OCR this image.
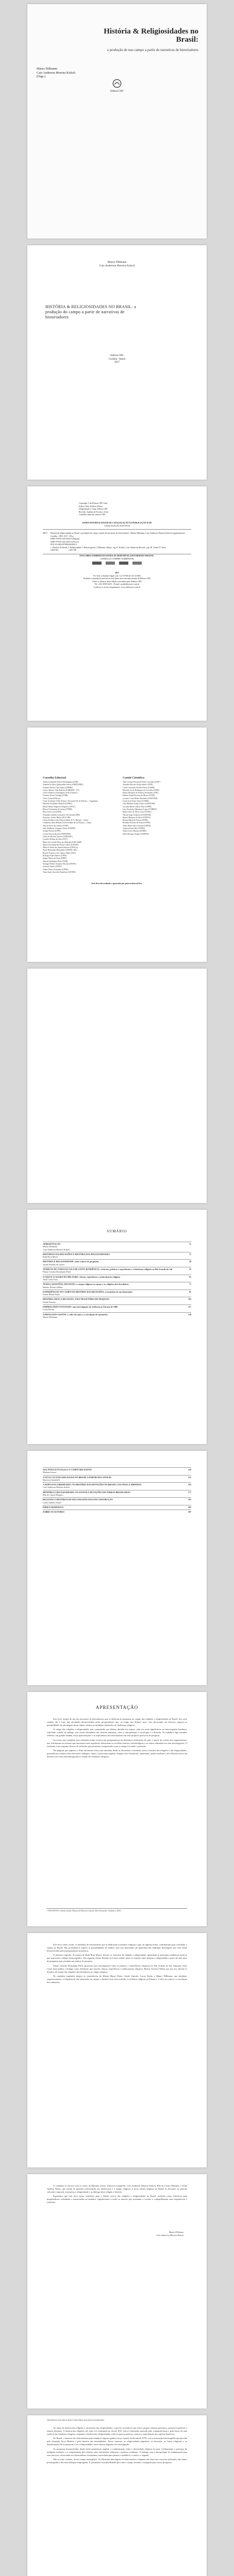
História & Religiosidades no Brasil:
a produção de nao campo a partir de narrativas de historiadores
Mauro Dillmann
Caio Anderson Moreira Kulsch
(Orgs.)
Editora CRV
Mauro Dillmann
Caio Anderson Moreira Kulsch
HISTÓRIA & RELIGIOSIDADES NO BRASIL: a produção do campo a partir de narrativas de historiadores
Editora CRV
Curitiba - Brasil
2017
Copyright © da Editora CRV Ltda.
Editor-chefe: Railson Moura
Diagramação e Capa: Editora CRV
Revisão: Analista de Escrita e Artes
Conselho editorial: editora CRV
DADOS INTERNACIONAIS DE CATALOGAÇÃO NA PUBLICAÇÃO (CIP)
CATALOGAÇÃO NA FONTE
H673 História & religiosidades no Brasil: a produção do campo a partir de narrativas de historiadores / Mauro Dillmann, Caio Anderson Moreira Kulsch (organizadores) – Curitiba : CRV, 2017. 136 p.
ISBN 978-85-444-2043-0 (Digital)
ISBN 978-85-444-2042-3 (Físico)
DOI 10.24824/978854442042.3
1. História do Brasil 2. Religiosidade 3. Historiografia I. Dillmann, Mauro. org. II. Kulsch, Caio Anderson Moreira. org. III. Título IV. Série
CDD 981	CDU 981
ESTA OBRA TAMBÉM ENCONTRA-SE DISPONÍVEL EM FORMATO DIGITAL.
CONHEÇA E COMPRE TAMBÉM EM:
2017
Foi feito o depósito legal conf. Lei 10.994 de 14/12/2004
Proibida a reprodução parcial ou total desta obra sem autorização da Editora CRV
Todos os direitos desta edição reservados pela: Editora CRV
Tel.: (41) 3039-6418 – E-mail: sac@editoracrv.com.br
Conheça os nossos lançamentos: www.editoracrv.com.br
Conselho Editorial:	Comitê Científico:
Aldira Guimarães Duarte Domínguez (UNB)
Andréia da Silva Quintanilha Sousa (UNIR/UFRN)
Antônio Pereira Gaio Júnior (UFRRJ)
Carlos Alberto Vilar Estêvão (UMINHO – PT)
Carlos Federico Dominguez Avila (Unieuro)
Carmen Tereza Velanga (UNIR)
Celso Conti (UFSCar)
Cesar Gerónimo Tello (Univer. Nacional Três de Febrero – Argentina)
Eduardo Fernandes Barbosa (UFMG)
Elione Maria Nogueira Diogenes (UFAL)
Elizeu Clementino de Souza (UNEB)
Élsio José Corá (UFFS)
Fernando Antônio Gonçalves Alcoforado (IPB)
Francisco Carlos Duarte (PUC-PR)
Gloria Fariñas León (Universidade de La Havana – Cuba)
Guillermo Arias Beatón (Universidade de La Havana – Cuba)
Jailson Alves dos Santos (UFRJ)
João Adalberto Campato Junior (UNESP)
Josania Portela (UFPI)
Leonel Severo Rocha (UNISINOS)
Lídia de Oliveira Xavier (UNIEURO)
Lourdes Helena da Silva (UFV)
Maria de Lourdes Pinto de Almeida (UNICAMP)
Maria Lília Imbiriba Sousa Colares (UFOPA)
Maria Cristina dos Santos Bezerra (UFSCar)
Paulo Romualdo Hernandes (UNIFAL-MG)
Renato Francisco dos Santos Paula (UFG)
Rodrigo Pratte-Santos (UFES)
Sérgio Nunes de Jesus (IFRO)
Simone Rodrigues Pinto (UNB)
Solange Helena Ximenes-Rocha (UFOPA)
Sydione Santos (UEPG)
Tadeu Oliver Gonçalves (UFPA)
Tania Suely Azevedo Brasileiro (UFOPA)
Ana Cristina Teixeira de Brito Carvalho (UFJF)
Arnaldo Oliveira Souza Júnior (UFPI)
Carla Conceição da Silva Paiva (UNEB)
Eduardo Lucio Rodrigues de Carvalho (UFRJ)
Eliane Marquez da Fonseca Fernandes (UFG)
Helena Alaide Ferreira de Moura (UNIP)
Leosino Costa Matos Machado (UNINTER)
Josias José Freire Júnior (UNEB)
Lilia Mendes Araújo Lemos (UNINTER)
Luciana Maria Libório Eloy (UFPB)
Luis Fernando Nakamura Lopes (UNIRIO)
Maria Clara da Silva Costa (UFMG)
Nelson Jorge Schiavon (UNINTER)
Rafael Marques da Silva (UNIFAL)
Renata Maria de Freitas (UFRJ)
Rosânea Ferreira de Souza (UFPE)
Tânia Maria Silva Amorim (UFRN)
Vanessa Paula Reis (UFRN)
Walter Lúcio Batista (UFRRJ)
Zélia Marques Araújo (UNIFRA)
Este livro foi avaliado e aprovado por pareceristas ad hoc.
SUMÁRIO
APRESENTAÇÃO
Mauro Dillmann
Caio Anderson Moreira Kulsch
11
HISTÓRIAS DAS RELIGIÕES E HISTÓRIA DAS RELIGIOSIDADES
Ruth Rosa Meyer
17
HISTÓRIA E RELIGIOSIDADE: uma crônica de perguntas
Jayme Hoehne de Lemos
29
TEMPLOS DE TODOS DA VILA DE SANTA RONDÊNCIA: vivências, práticas e experiências e o fenômeno religioso no Rio Grande do Sul
Eliane Cristina Deckmann Fleck
45
O AQUI E O AGORA DO MILAGRE: ciência, experiência e conhecimento religioso
Artur Cesar Isaia
61
TEMAS, QUESTÕES, DESAFIOS: o campo religioso no espaço e as religiões afro-brasileiras
Beatriz Teixeira Weber
77
EXPERIÊNCIAS NO CAMPO DA HISTÓRIA DAS RELIGIÕES: a trajetória de um historiador
Eliane Muniz Diniz
91
HISTÓRIA ORAL E RELIGIÃO: UMA TRAJETÓRIA DE PESQUISA
Gizele Zanotto
103
EMPREGANDO O PASSADO: uma investigação da violência no Paraná de 1960
Lucas Rocha
117
A PROSA DOS SANTOS: o culto do santo e a circulação de santuários
Mauro Dillmann
129
O(S) INTELECTUAL(S) E O CAMPO RELIGIOSO
Mariana Lemos
143
A NOVA CULTURA RELIGIOSA NO BRASIL A PARTIR DOS ANOS 80
Emerson Giumbelli
151
A MODA DAS LIBERDADES: NA HISTÓRIA DAS DEVOÇÕES NO BRASIL COLONIAL E IMPERIAL
Caio Anderson Moreira Kulsch
165
MEMÓRIA E RELIGIOSIDADE: OS SANTOS E DEVOÇÕES EM TERRAS BRASILEIRAS
Rita de Cássia Marques
177
RELIGIÃO E HISTÓRIA EM NÃO UMA DIÁLOGO EM CONSTRUÇÃO
Lilian Andreia Nunes
191
ÍNDICE REMISSIVO	203
SOBRE OS AUTORES	207
APRESENTAÇÃO

Este livro resulta de um dos encontros de historiadores que se dedicam às pesquisas no campo das religiões e religiosidades no Brasil. Em certo sentido, ele é fruto das atividades desenvolvidas pelos pesquisadores que, ao longo dos últimos anos, vêm discutindo em diversos espaços as possibilidades de abordagem desse objeto, atentos às múltiplas dimensões do fenômeno religioso.

O campo das religiões e religiosidades tem conquistado nas últimas décadas um espaço cada vez mais significativo na historiografia brasileira, sobretudo a partir do diálogo com outras disciplinas das ciências humanas, como a antropologia, a sociologia e a filosofia. Os trabalhos aqui reunidos refletem, em grande medida, essas aproximações e as experiências dos historiadores em seus próprios percursos de pesquisa.

Os textos que compõem esta coletânea foram escritos por pesquisadores de diferentes instituições do país, a partir de convite dos organizadores, que solicitaram aos autores que narrassem suas trajetórias, destacando as escolhas teóricas, metodológicas e as fontes utilizadas em suas investigações. O resultado é um conjunto diverso de reflexões que permitem compreender como o campo foi sendo construído.

Nas páginas que seguem, o leitor encontrará textos que abordam desde as discussões conceituais sobre a história das religiões e das religiosidades, passando por estudos sobre devoções, milagres, santos, catolicismo popular, religiões afro-brasileiras, espiritismo, pentecostalismo, até reflexões acerca da história oral como metodologia para o estudo do fenômeno religioso.

1 PESAVENTO, Sandra Jatahy. História & História Cultural. Belo Horizonte: Autêntica, 2003.

Este livro reúne, assim, os trabalhos de historiadores que se dedicaram à temática religiosa e que, de alguma forma, contribuíram para consolidar o campo no Brasil. Não pretendemos esgotar as possibilidades de análise, mas sim apresentar um panorama das múltiplas abordagens que vêm sendo desenvolvidas pelos pesquisadores brasileiros.

O primeiro capítulo, de autoria de Ruth Rosa Meyer, discute os conceitos de religião e religiosidade, apontando as principais tendências teóricas que marcaram o debate historiográfico. Em seguida, Jayme Hoehne de Lemos reflete sobre as relações entre história e religiosidade a partir de uma série de perguntas que orientam sua prática de pesquisa.

Eliane Cristina Deckmann Fleck apresenta suas investigações sobre as práticas e experiências religiosas no Rio Grande do Sul, enquanto Artur Cesar Isaia analisa o milagre como fenômeno que articula ciência, experiência e conhecimento religioso. Beatriz Teixeira Weber, por sua vez, discute os desafios do estudo das religiões afro-brasileiras no campo religioso.

Os capítulos seguintes trazem as experiências de Eliane Muniz Diniz, Gizele Zanotto, Lucas Rocha e Mauro Dillmann, que abordam, respectivamente, a trajetória de um historiador no campo, a história oral como método, a violência religiosa no Paraná e o culto aos santos e a circulação dos santuários.

A coletânea se encerra com os textos de Mariana Lemos, Emerson Giumbelli, Caio Anderson Moreira Kulsch, Rita de Cássia Marques e Lilian Andreia Nunes, que tratam de questões relacionadas aos intelectuais e o campo religioso, à nova cultura religiosa no Brasil, às devoções no período colonial e imperial, à memória e religiosidade e ao diálogo entre religião e história.

Esperamos que este livro possa contribuir para o debate acerca das religiões e religiosidades no Brasil, servindo como referência para pesquisadores, estudantes e interessados na temática. Agradecemos a todos os autores que aceitaram o convite e compartilharam suas experiências e reflexões.

Mauro Dillmann
Caio Anderson Moreira Kulsch
HISTÓRIAS DAS RELIGIÕES E HISTÓRIA DAS RELIGIOSIDADES

Ao tratar da história das religiões e da história das religiosidades, é preciso reconhecer que esses campos, embora próximos, possuem trajetórias e objetos distintos. A história das religiões, tal como foi constituída no século XIX, esteve fortemente marcada pelo comparativismo e pela busca de uma essência do fenômeno religioso, enquanto a história das religiosidades volta-se para as práticas, crenças e experiências dos sujeitos históricos.

No Brasil, o interesse dos historiadores pela temática religiosa ganhou força a partir da década de 1970, com a renovação historiográfica promovida pela chamada Nova História e pela história das mentalidades. Nesse contexto, as religiosidades populares, as devoções, as festas religiosas e as manifestações de fé passaram a ser compreendidas como objetos legítimos de investigação.

As pesquisas desenvolvidas desde então permitiram ampliar o conhecimento sobre a diversidade religiosa do país, evidenciando a presença de múltiplas tradições e a complexidade das relações entre instituições religiosas e práticas cotidianas. O diálogo com a antropologia foi fundamental para esse processo, oferecendo aos historiadores ferramentas conceituais para pensar o simbólico, o ritual e o sagrado.

Não se trata, contudo, de um campo homogêneo. As diferentes abordagens revelam tensões e disputas em torno dos conceitos utilizados, das fontes privilegiadas e das metodologias empregadas. É justamente essa pluralidade que torna o campo fecundo e instigante para novas pesquisas.
